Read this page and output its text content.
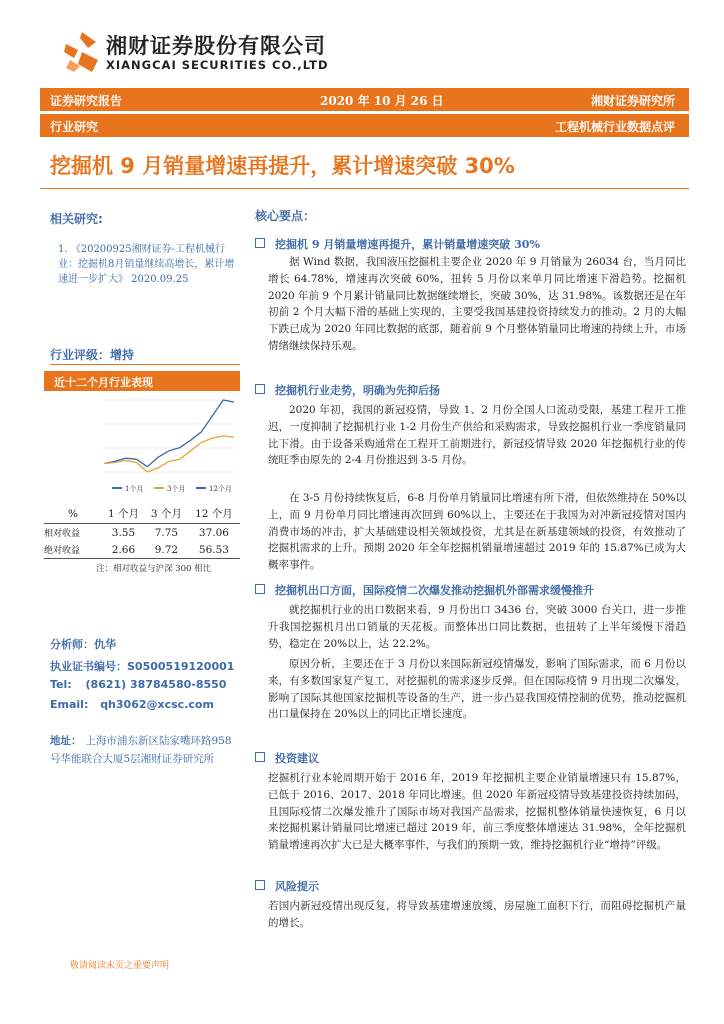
湘财证券股份有限公司
XIANGCAI SECURITIES CO.,LTD
证券研究报告	2020 年 10 月 26 日	湘财证券研究所
行业研究	工程机械行业数据点评
挖掘机 9 月销量增速再提升，累计增速突破 30%
相关研究:
1. 《20200925湘财证券-工程机械行业：挖掘机8月销量继续高增长，累计增速进一步扩大》 2020.09.25
行业评级：增持
近十二个月行业表现
1个月	3个月	12个月
%	1 个月	3 个月	12 个月
相对收益	3.55	7.75	37.06
绝对收益	2.66	9.72	56.53
注：相对收益与沪深 300 相比
分析师：仇华
执业证书编号：S0500519120001
Tel: (8621) 38784580-8550
Email: qh3062@xcsc.com
地址： 上海市浦东新区陆家嘴环路958号华能联合大厦5层湘财证券研究所
核心要点：
挖掘机 9 月销量增速再提升，累计销量增速突破 30%

据 Wind 数据，我国液压挖掘机主要企业 2020 年 9 月销量为 26034 台，当月同比增长 64.78%，增速再次突破 60%，扭转 5 月份以来单月同比增速下滑趋势。挖掘机 2020 年前 9 个月累计销量同比数据继续增长，突破 30%，达 31.98%。该数据还是在年初前 2 个月大幅下滑的基础上实现的，主要受我国基建投资持续发力的推动。2 月的大幅下跌已成为 2020 年同比数据的底部，随着前 9 个月整体销量同比增速的持续上升，市场情绪继续保持乐观。

挖掘机行业走势，明确为先抑后扬

2020 年初，我国的新冠疫情，导致 1、2 月份全国人口流动受限，基建工程开工推迟，一度抑制了挖掘机行业 1-2 月份生产供给和采购需求，导致挖掘机行业一季度销量同比下滑。由于设备采购通常在工程开工前期进行，新冠疫情导致 2020 年挖掘机行业的传统旺季由原先的 2-4 月份推迟到 3-5 月份。

在 3-5 月份持续恢复后，6-8 月份单月销量同比增速有所下滑，但依然维持在 50%以上，而 9 月份单月同比增速再次回到 60%以上，主要还在于我国为对冲新冠疫情对国内消费市场的冲击，扩大基础建设相关领域投资，尤其是在新基建领域的投资，有效推动了挖掘机需求的上升。预期 2020 年全年挖掘机销量增速超过 2019 年的 15.87%已成为大概率事件。

挖掘机出口方面，国际疫情二次爆发推动挖掘机外部需求缓慢推升

就挖掘机行业的出口数据来看，9 月份出口 3436 台，突破 3000 台关口，进一步推升我国挖掘机月出口销量的天花板。而整体出口同比数据，也扭转了上半年缓慢下滑趋势，稳定在 20%以上，达 22.2%。

原因分析，主要还在于 3 月份以来国际新冠疫情爆发，影响了国际需求，而 6 月份以来，有多数国家复产复工，对挖掘机的需求逐步反弹。但在国际疫情 9 月出现二次爆发，影响了国际其他国家挖掘机等设备的生产，进一步凸显我国疫情控制的优势，推动挖掘机出口量保持在 20%以上的同比正增长速度。

投资建议

挖掘机行业本轮周期开始于 2016 年，2019 年挖掘机主要企业销量增速只有 15.87%，已低于 2016、2017、2018 年同比增速。但 2020 年新冠疫情导致基建投资持续加码，且国际疫情二次爆发推升了国际市场对我国产品需求，挖掘机整体销量快速恢复，6 月以来挖掘机累计销量同比增速已超过 2019 年，前三季度整体增速达 31.98%，全年挖掘机销量增速再次扩大已是大概率事件，与我们的预期一致，维持挖掘机行业“增持”评级。

风险提示

若国内新冠疫情出现反复，将导致基建增速放缓，房屋施工面积下行，而阻碍挖掘机产量的增长。

敬请阅读末页之重要声明
